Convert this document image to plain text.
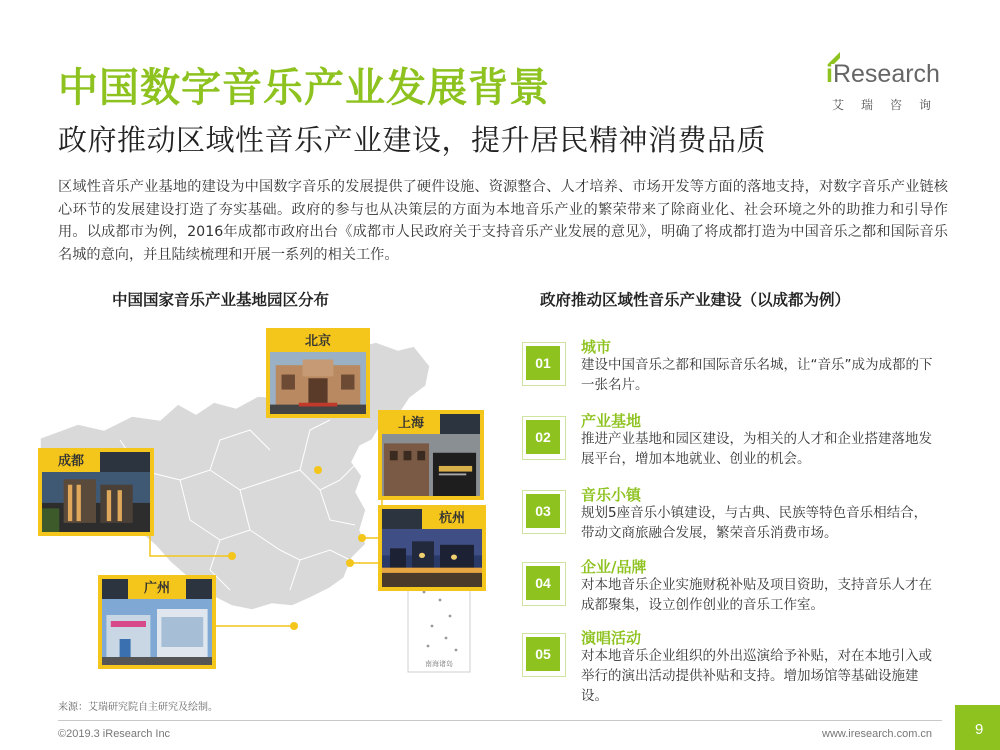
中国数字音乐产业发展背景
政府推动区域性音乐产业建设，提升居民精神消费品质
iResearch
艾瑞咨询
区域性音乐产业基地的建设为中国数字音乐的发展提供了硬件设施、资源整合、人才培养、市场开发等方面的落地支持，对数字音乐产业链核心环节的发展建设打造了夯实基础。政府的参与也从决策层的方面为本地音乐产业的繁荣带来了除商业化、社会环境之外的助推力和引导作用。以成都市为例，2016年成都市政府出台《成都市人民政府关于支持音乐产业发展的意见》，明确了将成都打造为中国音乐之都和国际音乐名城的意向，并且陆续梳理和开展一系列的相关工作。
中国国家音乐产业基地园区分布	政府推动区域性音乐产业建设（以成都为例）
南海诸岛
北京
上海
成都
杭州
广州
01
城市
建设中国音乐之都和国际音乐名城，让“音乐”成为成都的下一张名片。
02
产业基地
推进产业基地和园区建设，为相关的人才和企业搭建落地发展平台，增加本地就业、创业的机会。
03
音乐小镇
规划5座音乐小镇建设，与古典、民族等特色音乐相结合，带动文商旅融合发展，繁荣音乐消费市场。
04
企业/品牌
对本地音乐企业实施财税补贴及项目资助，支持音乐人才在成都聚集，设立创作创业的音乐工作室。
05
演唱活动
对本地音乐企业组织的外出巡演给予补贴，对在本地引入或举行的演出活动提供补贴和支持。增加场馆等基础设施建设。
来源：艾瑞研究院自主研究及绘制。
©2019.3 iResearch Inc	www.iresearch.com.cn	9
